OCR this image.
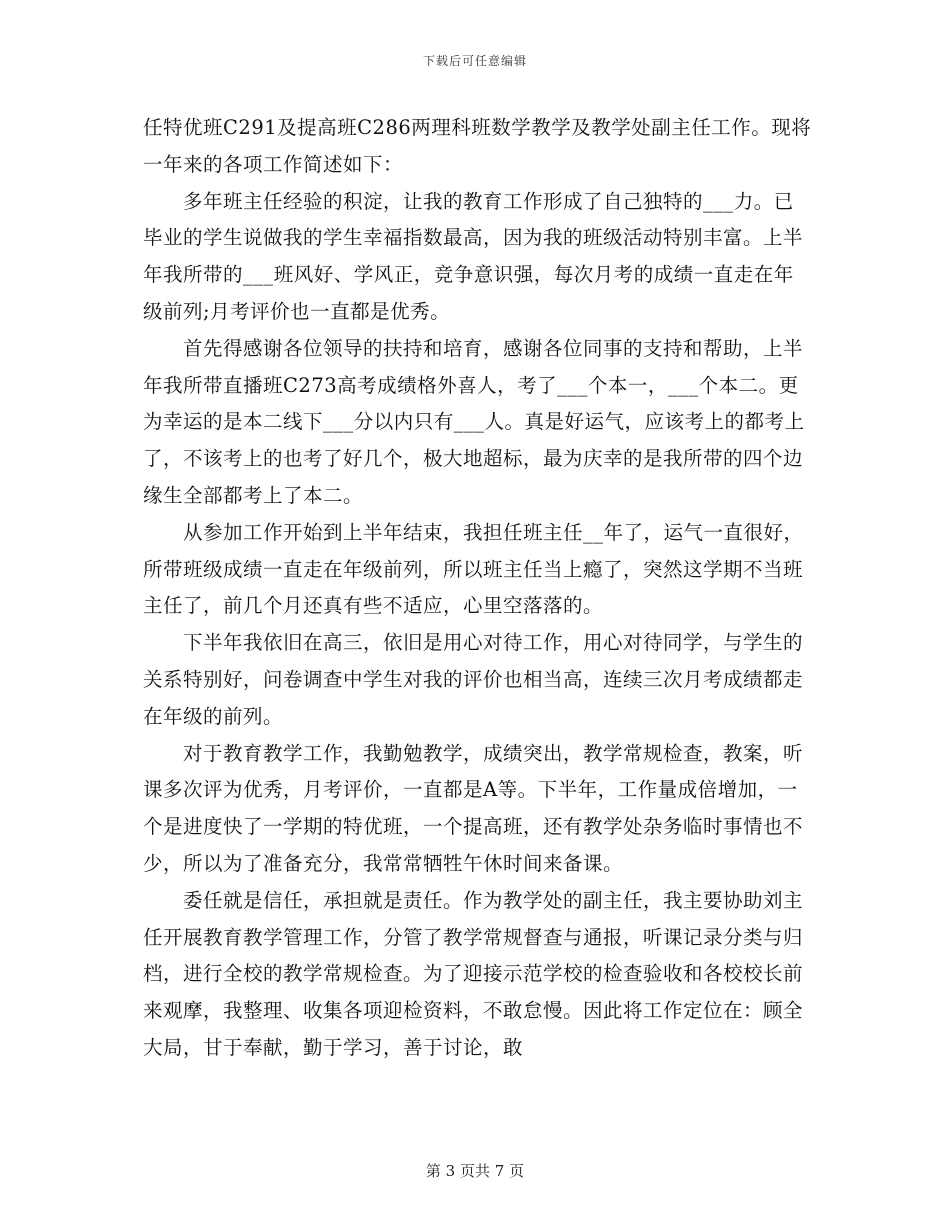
下载后可任意编辑

任特优班C291及提高班C286两理科班数学教学及教学处副主任工作。现将一年来的各项工作简述如下：

　　多年班主任经验的积淀，让我的教育工作形成了自己独特的___力。已毕业的学生说做我的学生幸福指数最高，因为我的班级活动特别丰富。上半年我所带的___班风好、学风正，竞争意识强，每次月考的成绩一直走在年级前列;月考评价也一直都是优秀。

　　首先得感谢各位领导的扶持和培育，感谢各位同事的支持和帮助，上半年我所带直播班C273高考成绩格外喜人，考了___个本一，___个本二。更为幸运的是本二线下___分以内只有___人。真是好运气，应该考上的都考上了，不该考上的也考了好几个，极大地超标，最为庆幸的是我所带的四个边缘生全部都考上了本二。

　　从参加工作开始到上半年结束，我担任班主任__年了，运气一直很好，所带班级成绩一直走在年级前列，所以班主任当上瘾了，突然这学期不当班主任了，前几个月还真有些不适应，心里空落落的。

　　下半年我依旧在高三，依旧是用心对待工作，用心对待同学，与学生的关系特别好，问卷调查中学生对我的评价也相当高，连续三次月考成绩都走在年级的前列。

　　对于教育教学工作，我勤勉教学，成绩突出，教学常规检查，教案，听课多次评为优秀，月考评价，一直都是A等。下半年，工作量成倍增加，一个是进度快了一学期的特优班，一个提高班，还有教学处杂务临时事情也不少，所以为了准备充分，我常常牺牲午休时间来备课。

　　委任就是信任，承担就是责任。作为教学处的副主任，我主要协助刘主任开展教育教学管理工作，分管了教学常规督查与通报，听课记录分类与归档，进行全校的教学常规检查。为了迎接示范学校的检查验收和各校校长前来观摩，我整理、收集各项迎检资料，不敢怠慢。因此将工作定位在：顾全大局，甘于奉献，勤于学习，善于讨论，敢

第 3 页共 7 页
